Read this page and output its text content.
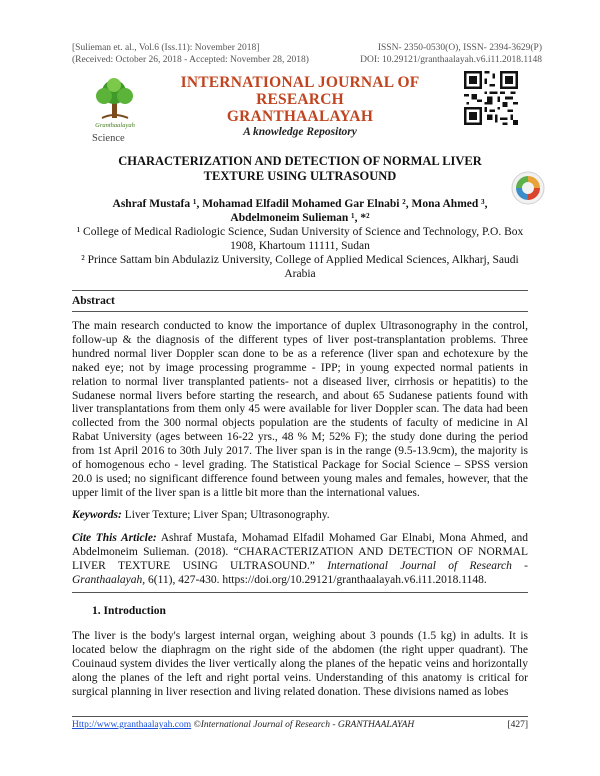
[Sulieman et. al., Vol.6 (Iss.11): November 2018]
(Received: October 26, 2018 - Accepted: November 28, 2018)
ISSN- 2350-0530(O), ISSN- 2394-3629(P)
DOI: 10.29121/granthaalayah.v6.i11.2018.1148
Granthaalayah
INTERNATIONAL JOURNAL OF RESEARCH
GRANTHAALAYAH
A knowledge Repository
Science
CHARACTERIZATION AND DETECTION OF NORMAL LIVER
TEXTURE USING ULTRASOUND
Ashraf Mustafa ¹, Mohamad Elfadil Mohamed Gar Elnabi ², Mona Ahmed ³,
Abdelmoneim Sulieman ¹, *²
¹ College of Medical Radiologic Science, Sudan University of Science and Technology, P.O. Box 1908, Khartoum 11111, Sudan
² Prince Sattam bin Abdulaziz University, College of Applied Medical Sciences, Alkharj, Saudi Arabia
Abstract
The main research conducted to know the importance of duplex Ultrasonography in the control, follow-up & the diagnosis of the different types of liver post-transplantation problems. Three hundred normal liver Doppler scan done to be as a reference (liver span and echotexure by the naked eye; not by image processing programme - IPP; in young expected normal patients in relation to normal liver transplanted patients- not a diseased liver, cirrhosis or hepatitis) to the Sudanese normal livers before starting the research, and about 65 Sudanese patients found with liver transplantations from them only 45 were available for liver Doppler scan. The data had been collected from the 300 normal objects population are the students of faculty of medicine in Al Rabat University (ages between 16-22 yrs., 48 % M; 52% F); the study done during the period from 1st April 2016 to 30th July 2017. The liver span is in the range (9.5-13.9cm), the majority is of homogenous echo - level grading. The Statistical Package for Social Science – SPSS version 20.0 is used; no significant difference found between young males and females, however, that the upper limit of the liver span is a little bit more than the international values.
Keywords: Liver Texture; Liver Span; Ultrasonography.
Cite This Article: Ashraf Mustafa, Mohamad Elfadil Mohamed Gar Elnabi, Mona Ahmed, and Abdelmoneim Sulieman. (2018). “CHARACTERIZATION AND DETECTION OF NORMAL LIVER TEXTURE USING ULTRASOUND.” International Journal of Research - Granthaalayah, 6(11), 427-430. https://doi.org/10.29121/granthaalayah.v6.i11.2018.1148.
1. Introduction
The liver is the body's largest internal organ, weighing about 3 pounds (1.5 kg) in adults. It is located below the diaphragm on the right side of the abdomen (the right upper quadrant). The Couinaud system divides the liver vertically along the planes of the hepatic veins and horizontally along the planes of the left and right portal veins. Understanding of this anatomy is critical for surgical planning in liver resection and living related donation. These divisions named as lobes
Http://www.granthaalayah.com ©International Journal of Research - GRANTHAALAYAH	[427]
